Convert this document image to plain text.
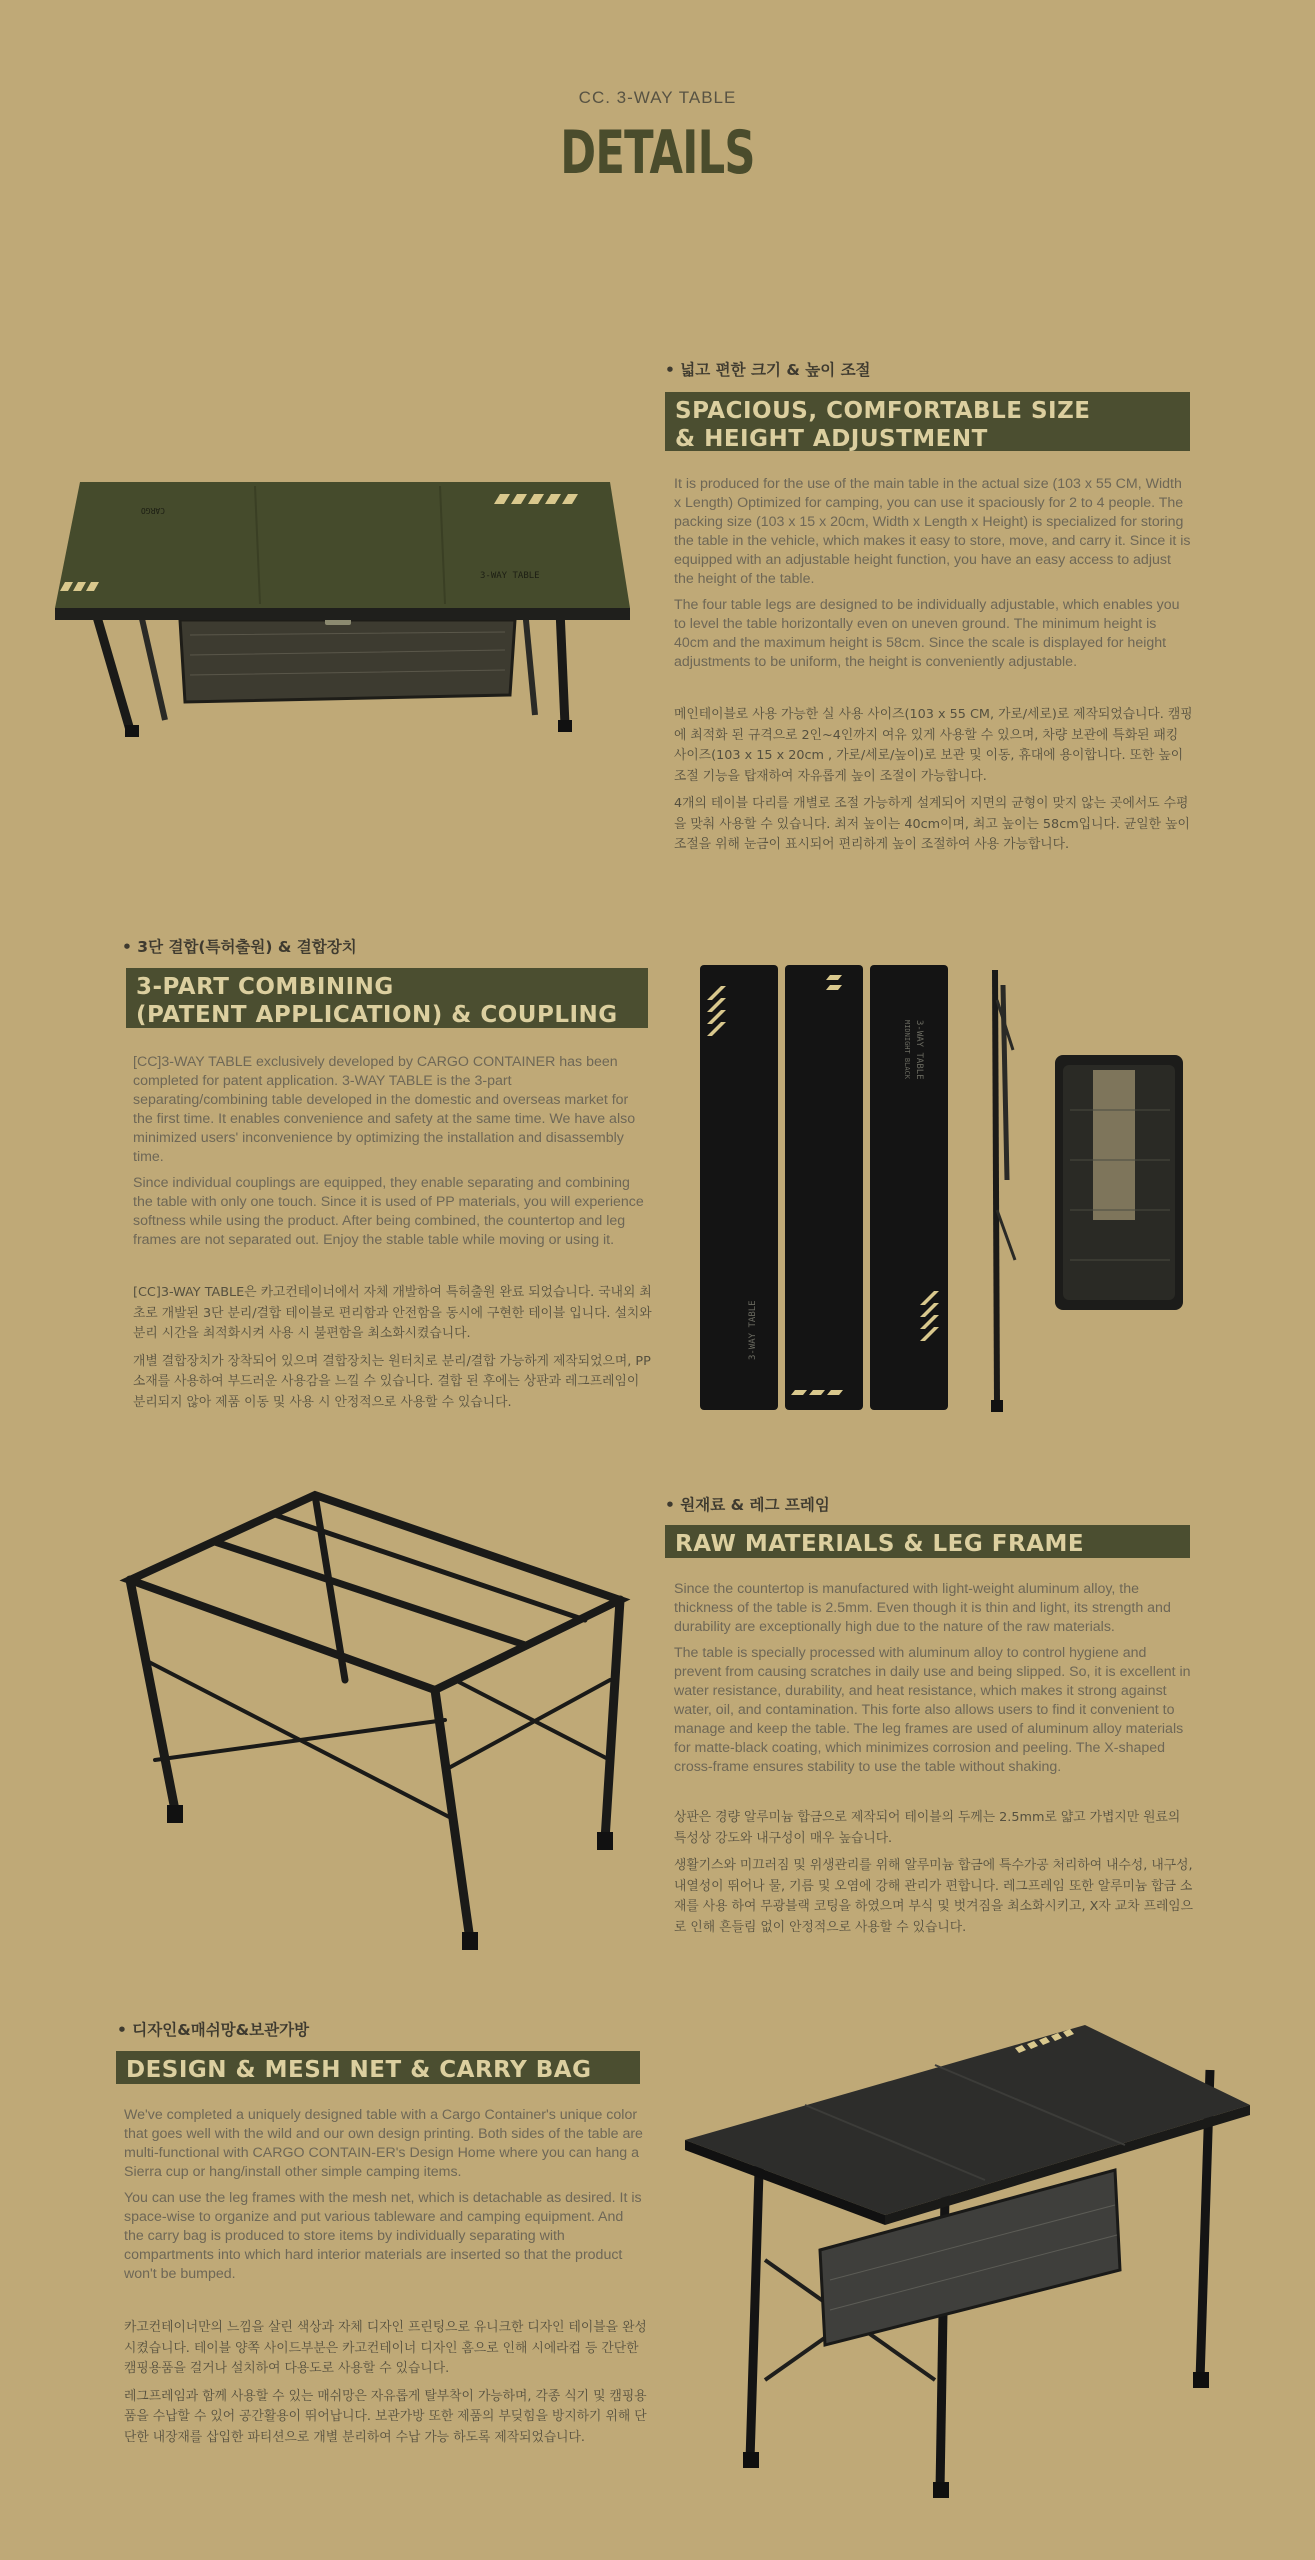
CC. 3-WAY TABLE
DETAILS
• 넓고 편한 크기 & 높이 조절
SPACIOUS, COMFORTABLE SIZE
& HEIGHT ADJUSTMENT

It is produced for the use of the main table in the actual size (103 x 55 CM, Width x Length) Optimized for camping, you can use it spaciously for 2 to 4 people. The packing size (103 x 15 x 20cm, Width x Length x Height) is specialized for storing the table in the vehicle, which makes it easy to store, move, and carry it. Since it is equipped with an adjustable height function, you have an easy access to adjust the height of the table.

The four table legs are designed to be individually adjustable, which enables you to level the table horizontally even on uneven ground. The minimum height is 40cm and the maximum height is 58cm. Since the scale is displayed for height adjustments to be uniform, the height is conveniently adjustable.

메인테이블로 사용 가능한 실 사용 사이즈(103 x 55 CM, 가로/세로)로 제작되었습니다. 캠핑에 최적화 된 규격으로 2인~4인까지 여유 있게 사용할 수 있으며, 차량 보관에 특화된 패킹 사이즈(103 x 15 x 20cm , 가로/세로/높이)로 보관 및 이동, 휴대에 용이합니다. 또한 높이조절 기능을 탑재하여 자유롭게 높이 조절이 가능합니다.

4개의 테이블 다리를 개별로 조절 가능하게 설계되어 지면의 균형이 맞지 않는 곳에서도 수평을 맞춰 사용할 수 있습니다. 최저 높이는 40cm이며, 최고 높이는 58cm입니다. 균일한 높이 조절을 위해 눈금이 표시되어 편리하게 높이 조절하여 사용 가능합니다.

3-WAY TABLE
CARGO
• 3단 결합(특허출원) & 결합장치
3-PART COMBINING
(PATENT APPLICATION) & COUPLING

[CC]3-WAY TABLE exclusively developed by CARGO CONTAINER has been completed for patent application. 3-WAY TABLE is the 3-part separating/combining table developed in the domestic and overseas market for the first time. It enables convenience and safety at the same time. We have also minimized users' inconvenience by optimizing the installation and disassembly time.

Since individual couplings are equipped, they enable separating and combining the table with only one touch. Since it is used of PP materials, you will experience softness while using the product. After being combined, the countertop and leg frames are not separated out. Enjoy the stable table while moving or using it.

[CC]3-WAY TABLE은 카고컨테이너에서 자체 개발하여 특허출원 완료 되었습니다. 국내외 최초로 개발된 3단 분리/결합 테이블로 편리함과 안전함을 동시에 구현한 테이블 입니다. 설치와 분리 시간을 최적화시켜 사용 시 불편함을 최소화시켰습니다.

개별 결합장치가 장착되어 있으며 결합장치는 원터치로 분리/결합 가능하게 제작되었으며, PP소재를 사용하여 부드러운 사용감을 느낄 수 있습니다. 결합 된 후에는 상판과 레그프레임이 분리되지 않아 제품 이동 및 사용 시 안정적으로 사용할 수 있습니다.

3-WAY TABLE
MIDNIGHT BLACK
3-WAY TABLE
• 원재료 & 레그 프레임
RAW MATERIALS & LEG FRAME

Since the countertop is manufactured with light-weight aluminum alloy, the thickness of the table is 2.5mm. Even though it is thin and light, its strength and durability are exceptionally high due to the nature of the raw materials.

The table is specially processed with aluminum alloy to control hygiene and prevent from causing scratches in daily use and being slipped. So, it is excellent in water resistance, durability, and heat resistance, which makes it strong against water, oil, and contamination. This forte also allows users to find it convenient to manage and keep the table. The leg frames are used of aluminum alloy materials for matte-black coating, which minimizes corrosion and peeling. The X-shaped cross-frame ensures stability to use the table without shaking.

상판은 경량 알루미늄 합금으로 제작되어 테이블의 두께는 2.5mm로 얇고 가볍지만 원료의 특성상 강도와 내구성이 매우 높습니다.

생활기스와 미끄러짐 및 위생관리를 위해 알루미늄 합금에 특수가공 처리하여 내수성, 내구성, 내열성이 뛰어나 물, 기름 및 오염에 강해 관리가 편합니다. 레그프레임 또한 알루미늄 합금 소재를 사용 하여 무광블랙 코팅을 하였으며 부식 및 벗겨짐을 최소화시키고, X자 교차 프레임으로 인해 흔들림 없이 안정적으로 사용할 수 있습니다.

• 디자인&매쉬망&보관가방
DESIGN & MESH NET & CARRY BAG

We've completed a uniquely designed table with a Cargo Container's unique color that goes well with the wild and our own design printing. Both sides of the table are multi-functional with CARGO CONTAIN-ER's Design Home where you can hang a Sierra cup or hang/install other simple camping items.

You can use the leg frames with the mesh net, which is detachable as desired. It is space-wise to organize and put various tableware and camping equipment. And the carry bag is produced to store items by individually separating with compartments into which hard interior materials are inserted so that the product won't be bumped.

카고컨테이너만의 느낌을 살린 색상과 자체 디자인 프린팅으로 유니크한 디자인 테이블을 완성시켰습니다. 테이블 양쪽 사이드부분은 카고컨테이너 디자인 홈으로 인해 시에라컵 등 간단한 캠핑용품을 걸거나 설치하여 다용도로 사용할 수 있습니다.

레그프레임과 함께 사용할 수 있는 매쉬망은 자유롭게 탈부착이 가능하며, 각종 식기 및 캠핑용품을 수납할 수 있어 공간활용이 뛰어납니다. 보관가방 또한 제품의 부딪힘을 방지하기 위해 단단한 내장재를 삽입한 파티션으로 개별 분리하여 수납 가능 하도록 제작되었습니다.
